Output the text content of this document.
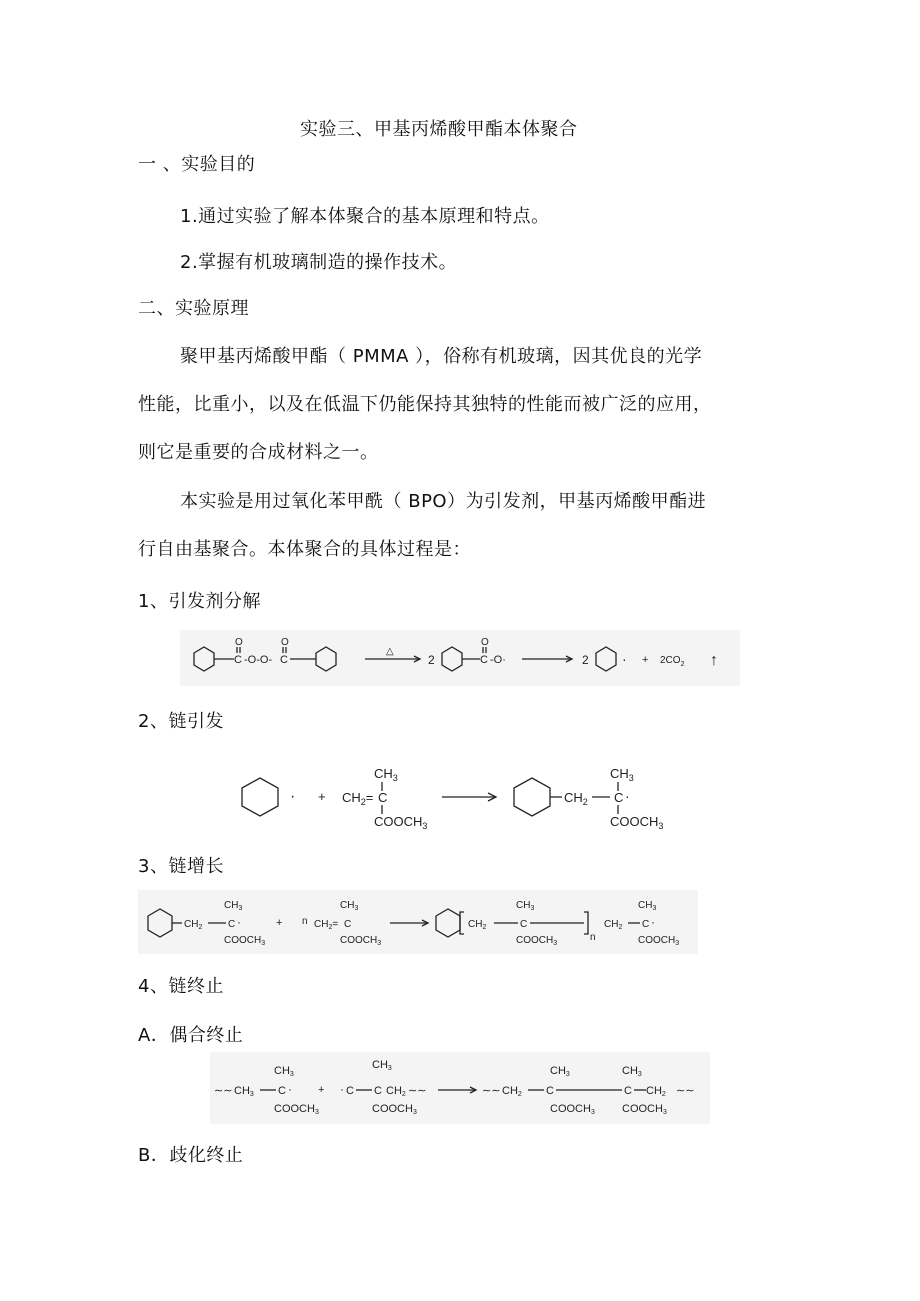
实验三、甲基丙烯酸甲酯本体聚合
一 、实验目的
1.通过实验了解本体聚合的基本原理和特点。
2.掌握有机玻璃制造的操作技术。
二、实验原理
聚甲基丙烯酸甲酯（ PMMA ），俗称有机玻璃，因其优良的光学
性能，比重小，以及在低温下仍能保持其独特的性能而被广泛的应用，
则它是重要的合成材料之一。
本实验是用过氧化苯甲酰（ BPO）为引发剂，甲基丙烯酸甲酯进
行自由基聚合。本体聚合的具体过程是：
1、引发剂分解
C
O
-O-O- C
O
△
2	C
O
-O·	2 · + $2CO_2$ ↑
2、链引发
· + $CH_2= C$
$CH_3$
$COOCH_3$
$CH_2$ C ·
$CH_3$
$COOCH_3$
3、链增长
$CH_2$	C ·
$CH_3$
$COOCH_3$
+ n $CH_2= C$
$CH_3$
$COOCH_3$
$CH_2$	C
$CH_3$
$COOCH_3$
n
$CH_2$ C ·
$CH_3$
$COOCH_3$
4、链终止
A．偶合终止
∼∼ CH3 C ·
CH3
COOCH3
+ · C C
CH3
COOCH3
CH2 ∼∼	∼∼ CH2 C
CH3
COOCH3
C
CH3
COOCH3
CH2 ∼∼
B．歧化终止
